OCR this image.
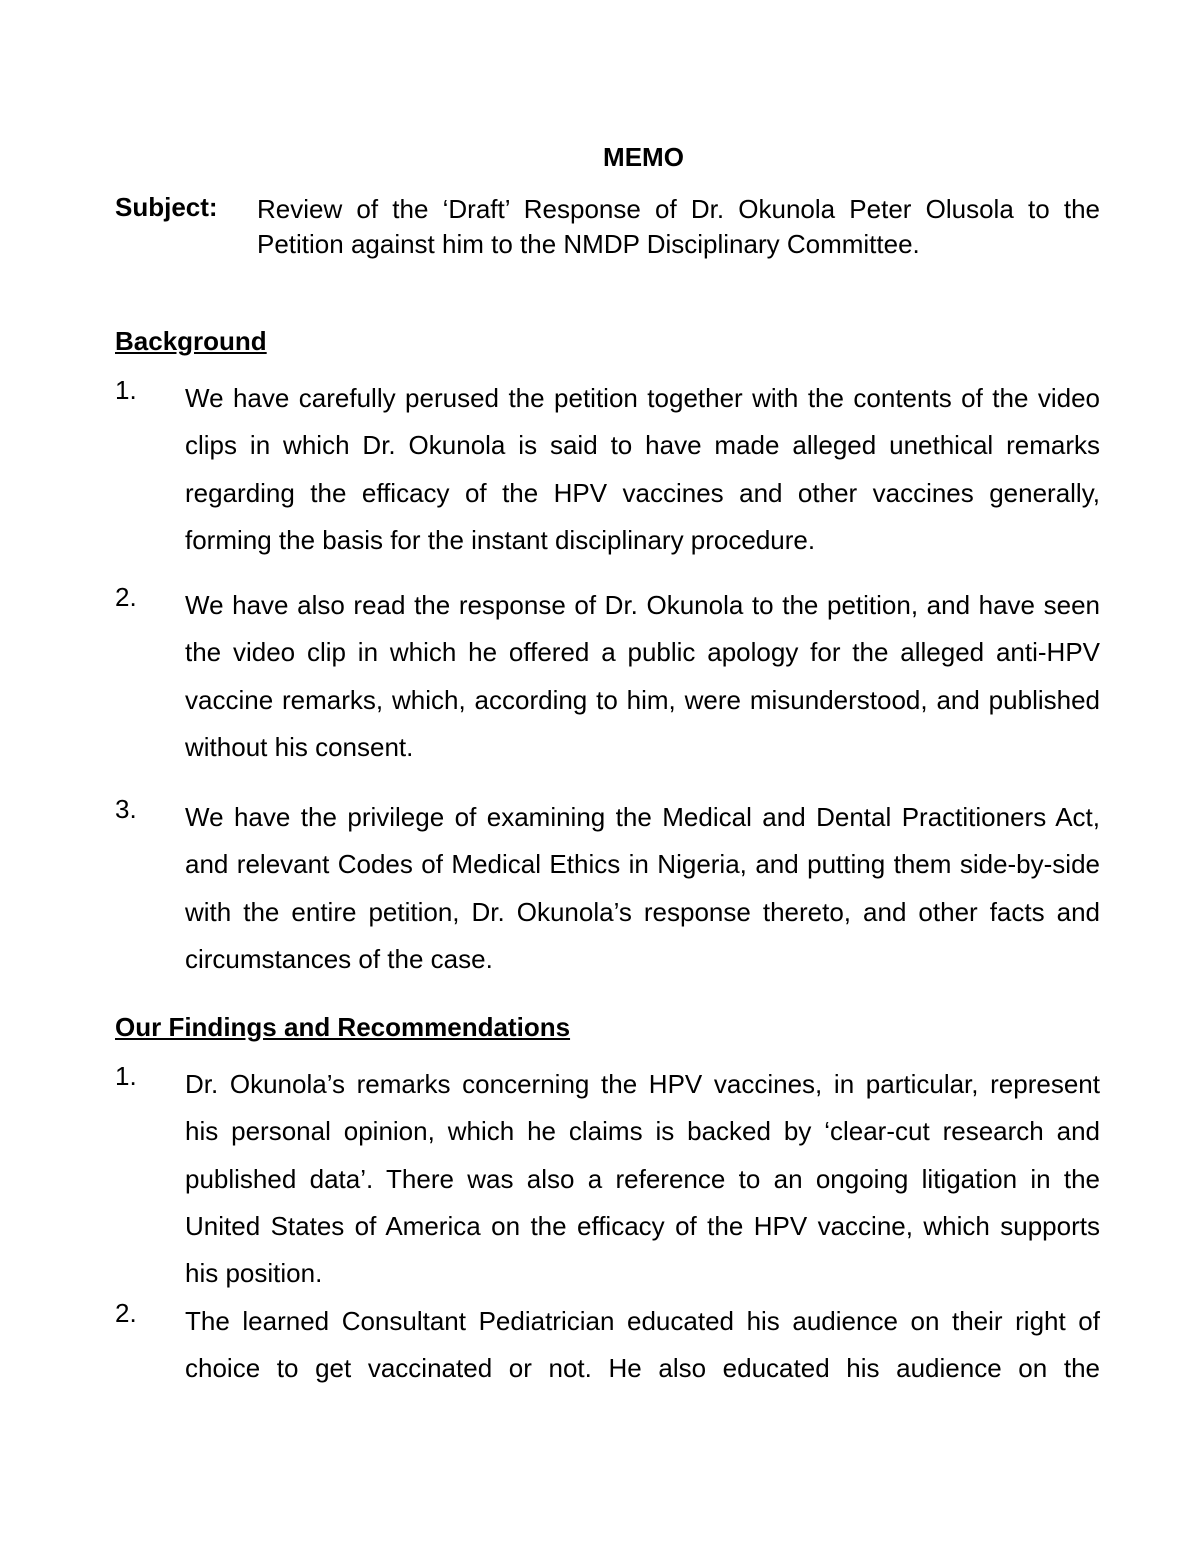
MEMO
Subject: Review of the ‘Draft’ Response of Dr. Okunola Peter Olusola to the Petition against him to the NMDP Disciplinary Committee.
Background
1. We have carefully perused the petition together with the contents of the video clips in which Dr. Okunola is said to have made alleged unethical remarks regarding the efficacy of the HPV vaccines and other vaccines generally, forming the basis for the instant disciplinary procedure.
2. We have also read the response of Dr. Okunola to the petition, and have seen the video clip in which he offered a public apology for the alleged anti-HPV vaccine remarks, which, according to him, were misunderstood, and published without his consent.
3. We have the privilege of examining the Medical and Dental Practitioners Act, and relevant Codes of Medical Ethics in Nigeria, and putting them side-by-side with the entire petition, Dr. Okunola’s response thereto, and other facts and circumstances of the case.
Our Findings and Recommendations
1. Dr. Okunola’s remarks concerning the HPV vaccines, in particular, represent his personal opinion, which he claims is backed by ‘clear-cut research and published data’. There was also a reference to an ongoing litigation in the United States of America on the efficacy of the HPV vaccine, which supports his position.
2. The learned Consultant Pediatrician educated his audience on their right of choice to get vaccinated or not. He also educated his audience on the
